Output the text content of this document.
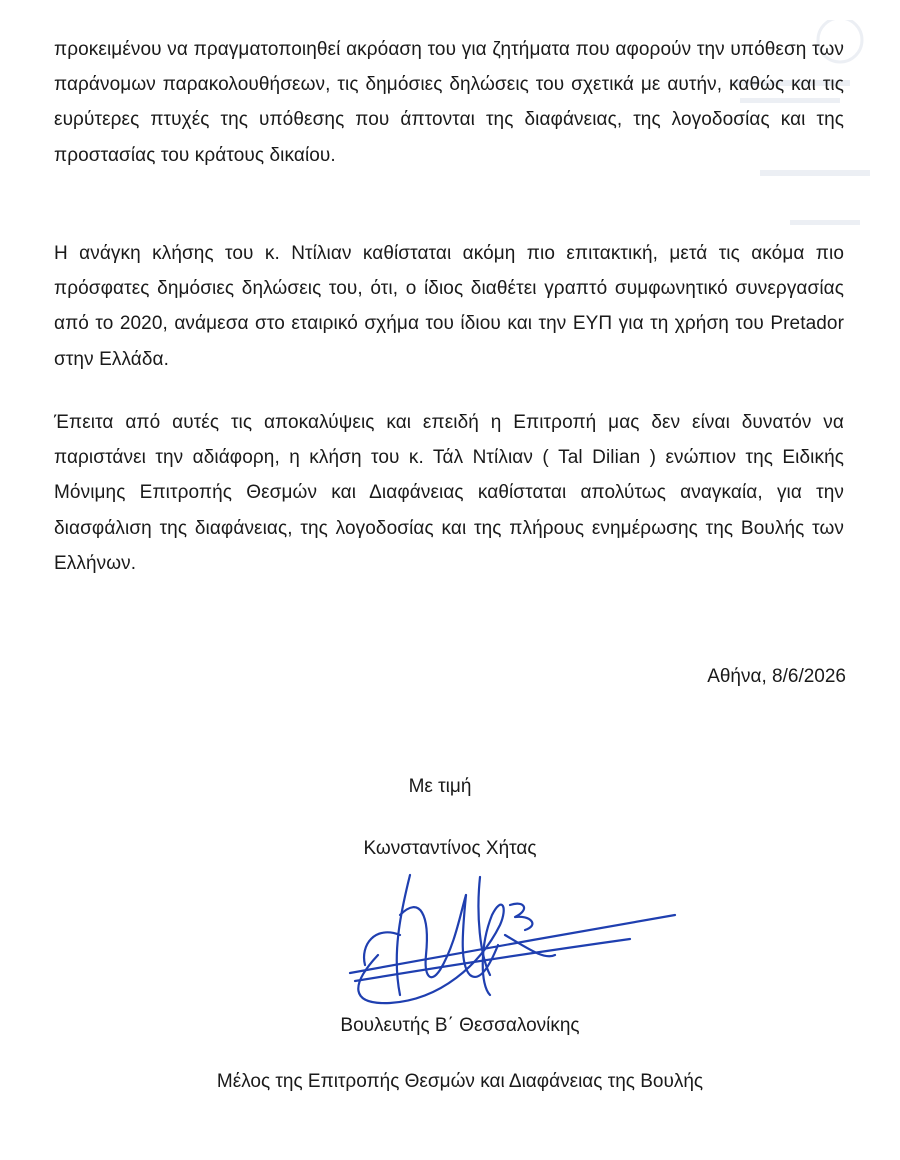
προκειμένου να πραγματοποιηθεί ακρόαση του για ζητήματα που αφορούν την υπόθεση των παράνομων παρακολουθήσεων, τις δημόσιες δηλώσεις του σχετικά με αυτήν, καθώς και τις ευρύτερες πτυχές της υπόθεσης που άπτονται της διαφάνειας, της λογοδοσίας και της προστασίας του κράτους δικαίου.

Η ανάγκη κλήσης του κ. Ντίλιαν καθίσταται ακόμη πιο επιτακτική, μετά τις ακόμα πιο πρόσφατες δημόσιες δηλώσεις του, ότι, ο ίδιος διαθέτει γραπτό συμφωνητικό συνεργασίας από το 2020, ανάμεσα στο εταιρικό σχήμα του ίδιου και την ΕΥΠ για τη χρήση του Pretador στην Ελλάδα.

Έπειτα από αυτές τις αποκαλύψεις και επειδή η Επιτροπή μας δεν είναι δυνατόν να παριστάνει την αδιάφορη, η κλήση του κ. Τάλ Ντίλιαν ( Tal Dilian ) ενώπιον της Ειδικής Μόνιμης Επιτροπής Θεσμών και Διαφάνειας καθίσταται απολύτως αναγκαία, για την διασφάλιση της διαφάνειας, της λογοδοσίας και της πλήρους ενημέρωσης της Βουλής των Ελλήνων.

Αθήνα, 8/6/2026
Με τιμή
Κωνσταντίνος Χήτας
Βουλευτής Β΄ Θεσσαλονίκης
Μέλος της Επιτροπής Θεσμών και Διαφάνειας της Βουλής
